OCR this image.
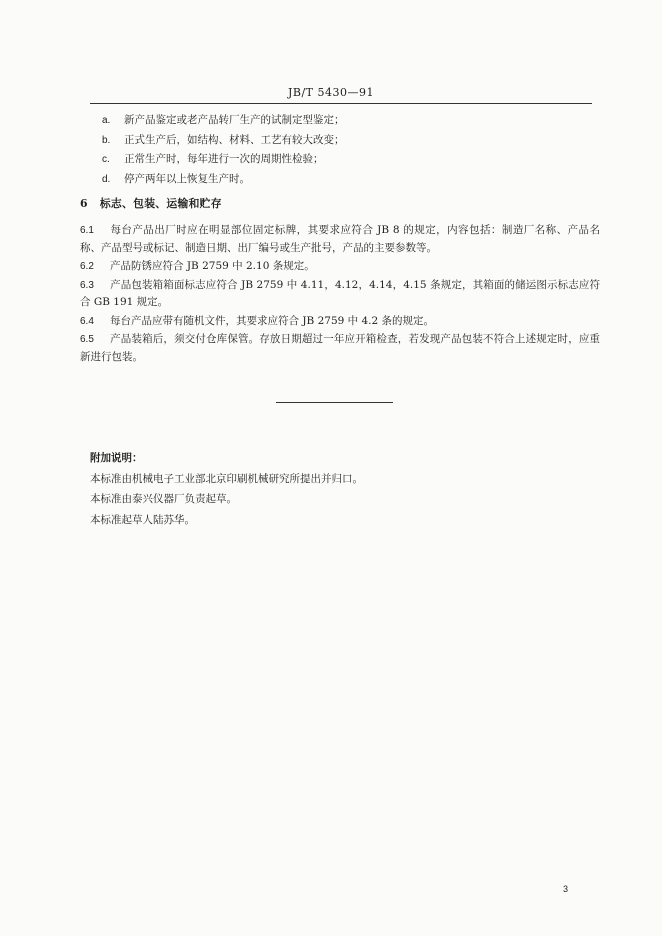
JB/T 5430—91
a. 新产品鉴定或老产品转厂生产的试制定型鉴定；
b. 正式生产后，如结构、材料、工艺有较大改变；
c. 正常生产时，每年进行一次的周期性检验；
d. 停产两年以上恢复生产时。
6 标志、包装、运输和贮存
6.1 每台产品出厂时应在明显部位固定标牌，其要求应符合 JB 8 的规定，内容包括：制造厂名称、产品名称、产品型号或标记、制造日期、出厂编号或生产批号，产品的主要参数等。
6.2 产品防锈应符合 JB 2759 中 2.10 条规定。
6.3 产品包装箱箱面标志应符合 JB 2759 中 4.11，4.12，4.14，4.15 条规定，其箱面的储运图示标志应符合 GB 191 规定。
6.4 每台产品应带有随机文件，其要求应符合 JB 2759 中 4.2 条的规定。
6.5 产品装箱后，须交付仓库保管。存放日期超过一年应开箱检查，若发现产品包装不符合上述规定时，应重新进行包装。
附加说明：
本标准由机械电子工业部北京印刷机械研究所提出并归口。
本标准由泰兴仪器厂负责起草。
本标准起草人陆苏华。
3
